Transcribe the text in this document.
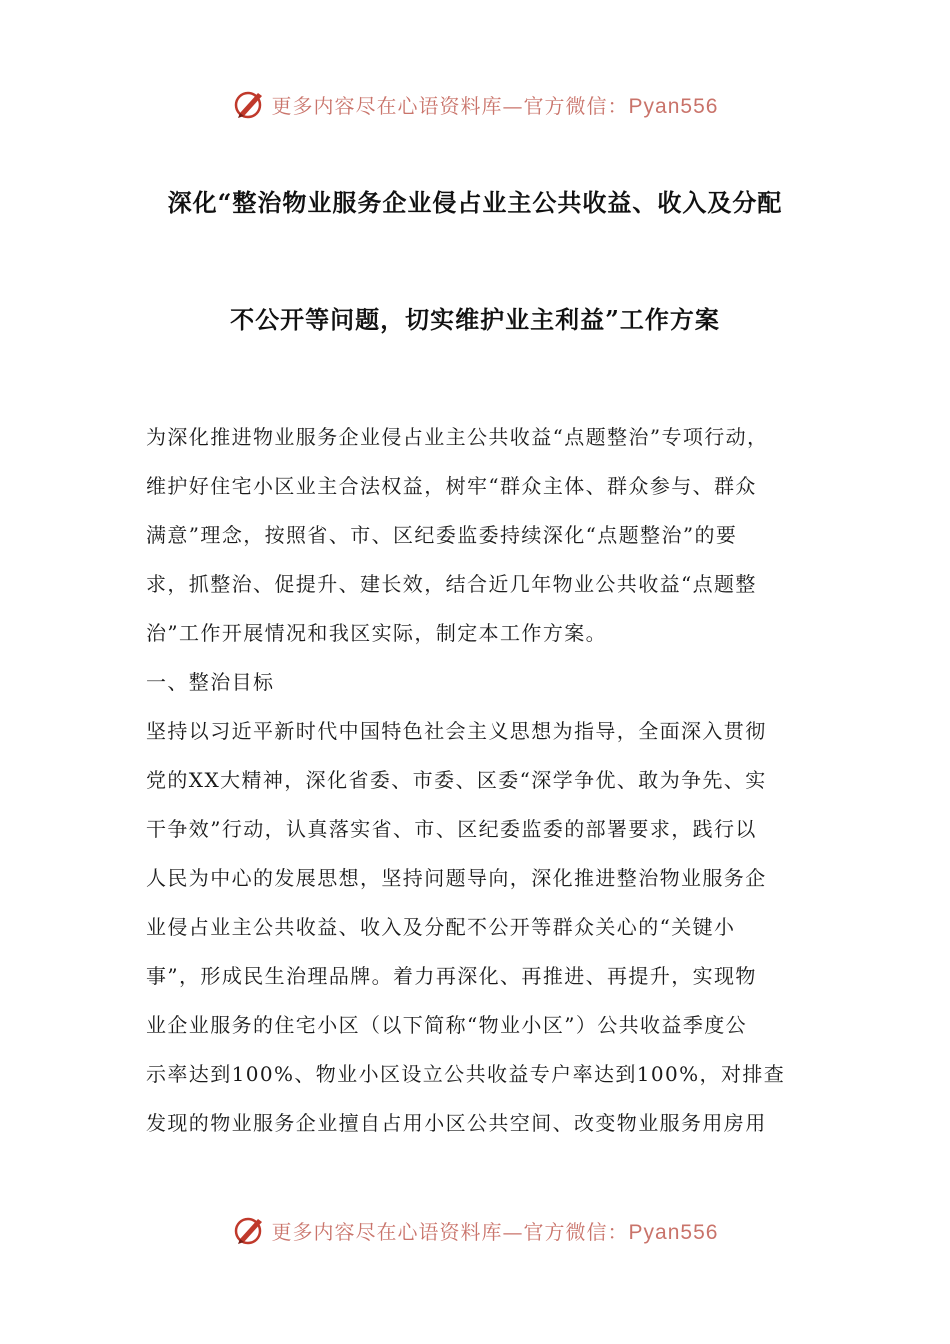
更多内容尽在心语资料库—官方微信：Pyan556
深化“整治物业服务企业侵占业主公共收益、收入及分配
不公开等问题，切实维护业主利益”工作方案
为深化推进物业服务企业侵占业主公共收益“点题整治”专项行动，
维护好住宅小区业主合法权益，树牢“群众主体、群众参与、群众
满意”理念，按照省、市、区纪委监委持续深化“点题整治”的要
求，抓整治、促提升、建长效，结合近几年物业公共收益“点题整
治”工作开展情况和我区实际，制定本工作方案。
一、整治目标
坚持以习近平新时代中国特色社会主义思想为指导，全面深入贯彻
党的XX大精神，深化省委、市委、区委“深学争优、敢为争先、实
干争效”行动，认真落实省、市、区纪委监委的部署要求，践行以
人民为中心的发展思想，坚持问题导向，深化推进整治物业服务企
业侵占业主公共收益、收入及分配不公开等群众关心的“关键小
事”，形成民生治理品牌。着力再深化、再推进、再提升，实现物
业企业服务的住宅小区（以下简称“物业小区”）公共收益季度公
示率达到100%、物业小区设立公共收益专户率达到100%，对排查
发现的物业服务企业擅自占用小区公共空间、改变物业服务用房用
更多内容尽在心语资料库—官方微信：Pyan556
